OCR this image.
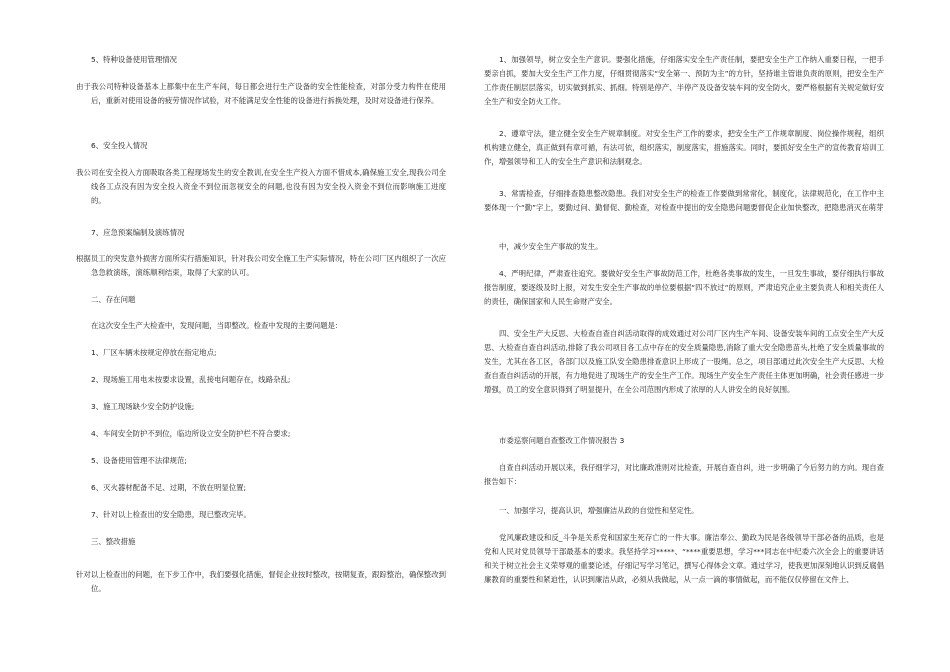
5、特种设备使用管理情况

由于我公司特种设备基本上都集中在生产车间，每日都会进行生产设备的安全性能检查，对部分受力构件在使用后，重新对使用设备的疲劳情况作试验，对不能满足安全性能的设备进行拆换处理，及时对设备进行保养。

6、安全投入情况

我公司在安全投入方面吸取各类工程现场发生的安全教训,在安全生产投入方面不惜成本,确保施工安全,现我公司全线各工点没有因为安全投入资金不到位而忽视安全的问题,也没有因为安全投入资金不到位而影响施工进度的。

7、应急预案编制及演练情况

根据员工的突发意外损害方面所实行措施知识，针对我公司安全施工生产实际情况，特在公司厂区内组织了一次应急急救演练，演练顺利结束，取得了大家的认可。

二、存在问题

在这次安全生产大检查中，发现问题，当即整改。检查中发现的主要问题是：

1、厂区车辆未按规定停放在指定地点;

2、现场施工用电未按要求设置，乱接电问题存在，线路杂乱;

3、施工现场缺少安全防护设施;

4、车间安全防护不到位，临边所设立安全防护栏不符合要求;

5、设备使用管理不法律规范;

6、灭火器材配备不足、过期，不放在明显位置;

7、针对以上检查出的安全隐患，现已整改完毕。

三、整改措施

针对以上检查出的问题，在下步工作中，我们要强化措施，督促企业按时整改，按期复查，跟踪整治，确保整改到位。

1、加强领导，树立安全生产意识。要强化措施，仔细落实安全生产责任制，要把安全生产工作纳入重要日程，一把手要亲自抓，要加大安全生产工作力度，仔细贯彻落实“安全第一、预防为主”的方针，坚持谁主管谁负责的原则，把安全生产工作责任制层层落实，切实做到抓实、抓细。特别是停产、半停产及设备安装车间的安全防火，要严格根据有关规定做好安全生产和安全防火工作。

2、遵章守法，建立健全安全生产规章制度。对安全生产工作的要求，把安全生产工作规章制度、岗位操作规程，组织机构建立健全，真正做到有章可循，有法可依，组织落实，制度落实，措施落实。同时，要抓好安全生产的宣传教育培训工作，增强领导和工人的安全生产意识和法制观念。

3、常需检查，仔细排查隐患整改隐患。我们对安全生产的检查工作要做到常常化，制度化，法律规范化，在工作中主要体现一个“勤”字上，要勤过问、勤督促、勤检查，对检查中提出的安全隐患问题要督促企业加快整改，把隐患消灭在萌芽

中，减少安全生产事故的发生。

4、严明纪律，严肃查往追究。要做好安全生产事故防范工作，杜绝各类事故的发生，一旦发生事故，要仔细执行事故报告制度，要逐级及时上报，对发生安全生产事故的单位要根据“四不放过“的原则，严肃追究企业主要负责人和相关责任人的责任，确保国家和人民生命财产安全。

四、安全生产大反思、大检查自查自纠活动取得的成效通过对公司厂区内生产车间、设备安装车间的工点安全生产大反思、大检查自查自纠活动,排除了我公司项目各工点中存在的安全质量隐患,消除了重大安全隐患苗头,杜绝了安全质量事故的发生，尤其在各工区，各部门以及施工队安全隐患排查意识上形成了一股绳。总之，项目部通过此次安全生产大反思、大检查自查自纠活动的开展，有力地促进了现场生产的安全生产工作。现场生产安全生产责任主体更加明确，社会责任感进一步增强，员工的安全意识得到了明显提升，在全公司范围内形成了浓厚的人人讲安全的良好氛围。

市委巡察问题自查整改工作情况报告 3

自查自纠活动开展以来，我仔细学习，对比廉政准则对比检查，开展自查自纠，进一步明确了今后努力的方向。现自查报告如下：

一、加强学习，提高认识，增强廉洁从政的自觉性和坚定性。

党风廉政建设和反_斗争是关系党和国家生死存亡的一件大事。廉洁奉公、勤政为民是各级领导干部必备的品质，也是党和人民对党员领导干部最基本的要求。我坚持学习*****、“****重要思想，学习***同志在中纪委六次全会上的重要讲话和关于树立社会主义荣辱观的重要论述，仔细记写学习笔记，撰写心得体会文章。通过学习，使我更加深刻地认识到反腐倡廉教育的重要性和紧迫性，认识到廉洁从政，必须从我做起，从一点一滴的事情做起，而不能仅仅停留在文件上、
